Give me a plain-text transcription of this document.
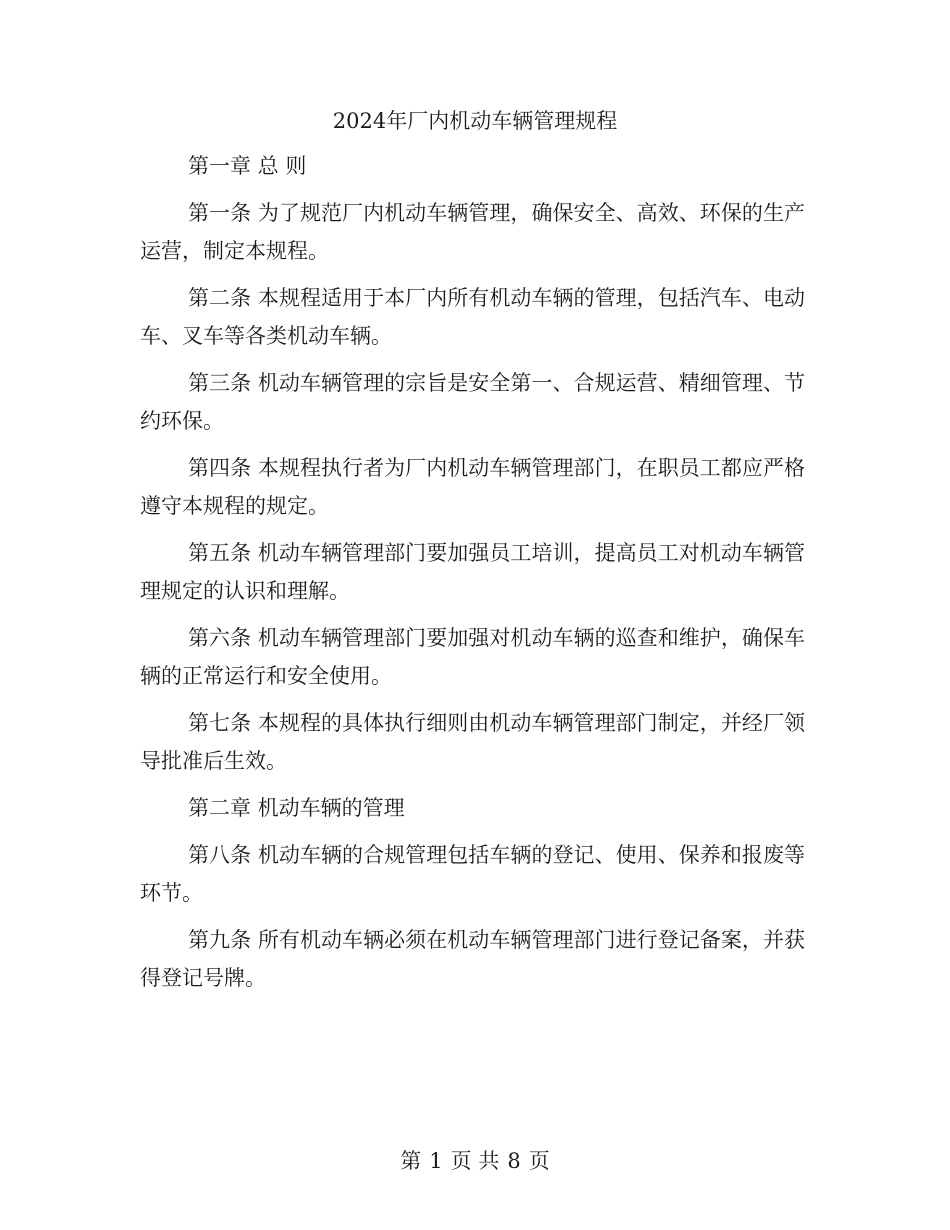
2024年厂内机动车辆管理规程

第一章 总 则

第一条 为了规范厂内机动车辆管理，确保安全、高效、环保的生产运营，制定本规程。

第二条 本规程适用于本厂内所有机动车辆的管理，包括汽车、电动车、叉车等各类机动车辆。

第三条 机动车辆管理的宗旨是安全第一、合规运营、精细管理、节约环保。

第四条 本规程执行者为厂内机动车辆管理部门，在职员工都应严格遵守本规程的规定。

第五条 机动车辆管理部门要加强员工培训，提高员工对机动车辆管理规定的认识和理解。

第六条 机动车辆管理部门要加强对机动车辆的巡查和维护，确保车辆的正常运行和安全使用。

第七条 本规程的具体执行细则由机动车辆管理部门制定，并经厂领导批准后生效。

第二章 机动车辆的管理

第八条 机动车辆的合规管理包括车辆的登记、使用、保养和报废等环节。

第九条 所有机动车辆必须在机动车辆管理部门进行登记备案，并获得登记号牌。

第 1 页 共 8 页
